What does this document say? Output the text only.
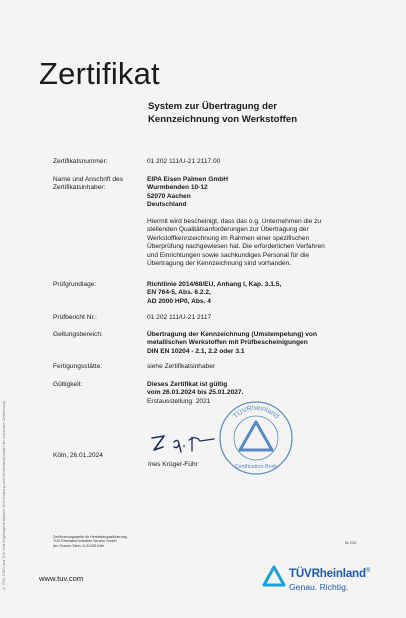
® TÜV, TUEV und TUV sind eingetragene Marken. Eine Nutzung und Verwendung bedarf der vorherigen Zustimmung.
Zertifikat
System zur Übertragung der
Kennzeichnung von Werkstoffen
Zertifikatsnummer:	01 202 111/U-21 2117.00
Name und Anschrift des
Zertifikatsinhaber:
EIPA Eisen Palmen GmbH
Wurmbenden 10-12
52070 Aachen
Deutschland
Hiermit wird bescheinigt, dass das o.g. Unternehmen die zu
stellenden Qualitätsanforderungen zur Übertragung der
Werkstoffkennzeichnung im Rahmen einer spezifischen
Überprüfung nachgewiesen hat. Die erforderlichen Verfahren
und Einrichtungen sowie sachkundiges Personal für die
Übertragung der Kennzeichnung sind vorhanden.
Prüfgrundlage:	Richtlinie 2014/68/EU, Anhang I, Kap. 3.1.5,
EN 764-5, Abs. 6.2.2,
AD 2000 HP0, Abs. 4
Prüfbericht Nr.:	01 202 111/U-21 2117
Geltungsbereich:	Übertragung der Kennzeichnung (Umstempelung) von
metallischen Werkstoffen mit Prüfbescheinigungen
DIN EN 10204 - 2.1, 2.2 oder 3.1
Fertigungsstätte:	siehe Zertifikatsinhaber
Gültigkeit:	Dieses Zertifikat ist gültig
vom 26.01.2024 bis 25.01.2027.
Erstausstellung: 2021
Köln, 26.01.2024
Ines Krüger-Führ
TÜVRheinland Certification Body
Zertifizierungsstelle für Herstellerqualifizierung
TÜV Rheinland Industrie Service GmbH
Am Grauen Stein, D-51105 Köln
M-210
www.tuv.com	TÜVRheinland®
Genau. Richtig.
